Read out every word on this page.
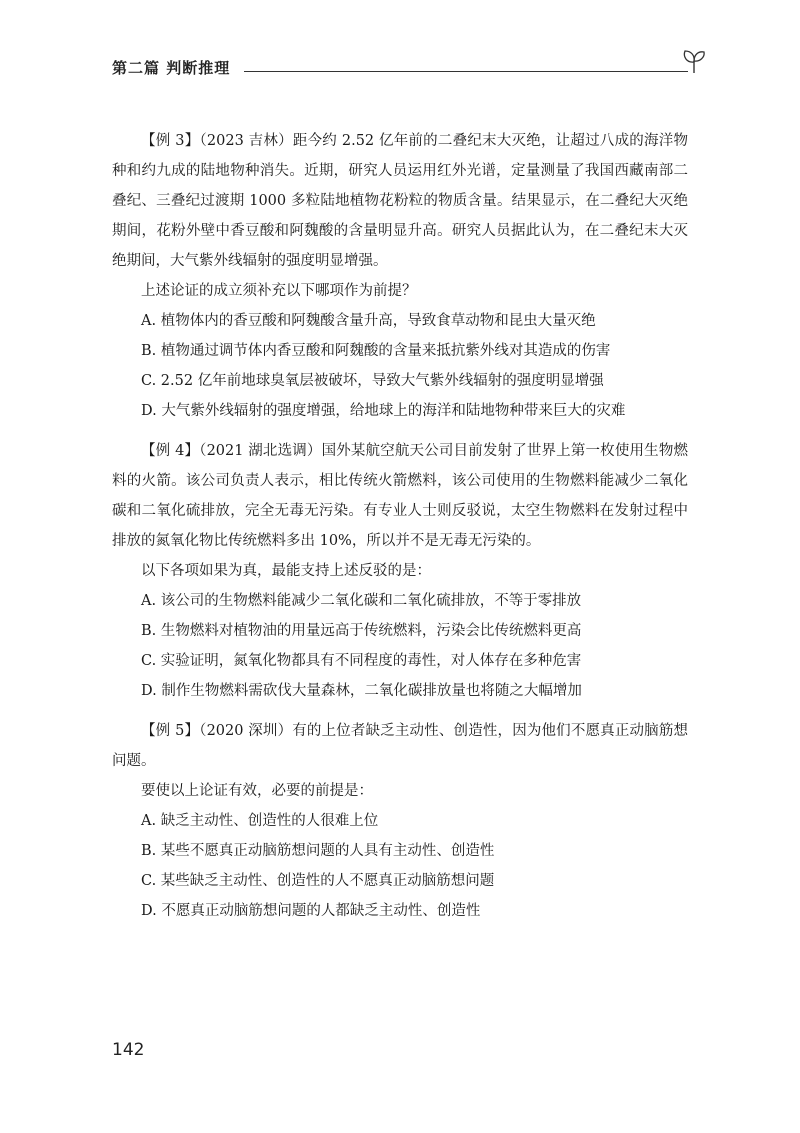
第二篇 判断推理

【例 3】（2023 吉林）距今约 2.52 亿年前的二叠纪末大灭绝，让超过八成的海洋物种和约九成的陆地物种消失。近期，研究人员运用红外光谱，定量测量了我国西藏南部二叠纪、三叠纪过渡期 1000 多粒陆地植物花粉粒的物质含量。结果显示，在二叠纪大灭绝期间，花粉外壁中香豆酸和阿魏酸的含量明显升高。研究人员据此认为，在二叠纪末大灭绝期间，大气紫外线辐射的强度明显增强。

上述论证的成立须补充以下哪项作为前提？

A. 植物体内的香豆酸和阿魏酸含量升高，导致食草动物和昆虫大量灭绝
B. 植物通过调节体内香豆酸和阿魏酸的含量来抵抗紫外线对其造成的伤害
C. 2.52 亿年前地球臭氧层被破坏，导致大气紫外线辐射的强度明显增强
D. 大气紫外线辐射的强度增强，给地球上的海洋和陆地物种带来巨大的灾难

【例 4】（2021 湖北选调）国外某航空航天公司目前发射了世界上第一枚使用生物燃料的火箭。该公司负责人表示，相比传统火箭燃料，该公司使用的生物燃料能减少二氧化碳和二氧化硫排放，完全无毒无污染。有专业人士则反驳说，太空生物燃料在发射过程中排放的氮氧化物比传统燃料多出 10%，所以并不是无毒无污染的。

以下各项如果为真，最能支持上述反驳的是：

A. 该公司的生物燃料能减少二氧化碳和二氧化硫排放，不等于零排放
B. 生物燃料对植物油的用量远高于传统燃料，污染会比传统燃料更高
C. 实验证明，氮氧化物都具有不同程度的毒性，对人体存在多种危害
D. 制作生物燃料需砍伐大量森林，二氧化碳排放量也将随之大幅增加

【例 5】（2020 深圳）有的上位者缺乏主动性、创造性，因为他们不愿真正动脑筋想问题。

要使以上论证有效，必要的前提是：

A. 缺乏主动性、创造性的人很难上位
B. 某些不愿真正动脑筋想问题的人具有主动性、创造性
C. 某些缺乏主动性、创造性的人不愿真正动脑筋想问题
D. 不愿真正动脑筋想问题的人都缺乏主动性、创造性
142
